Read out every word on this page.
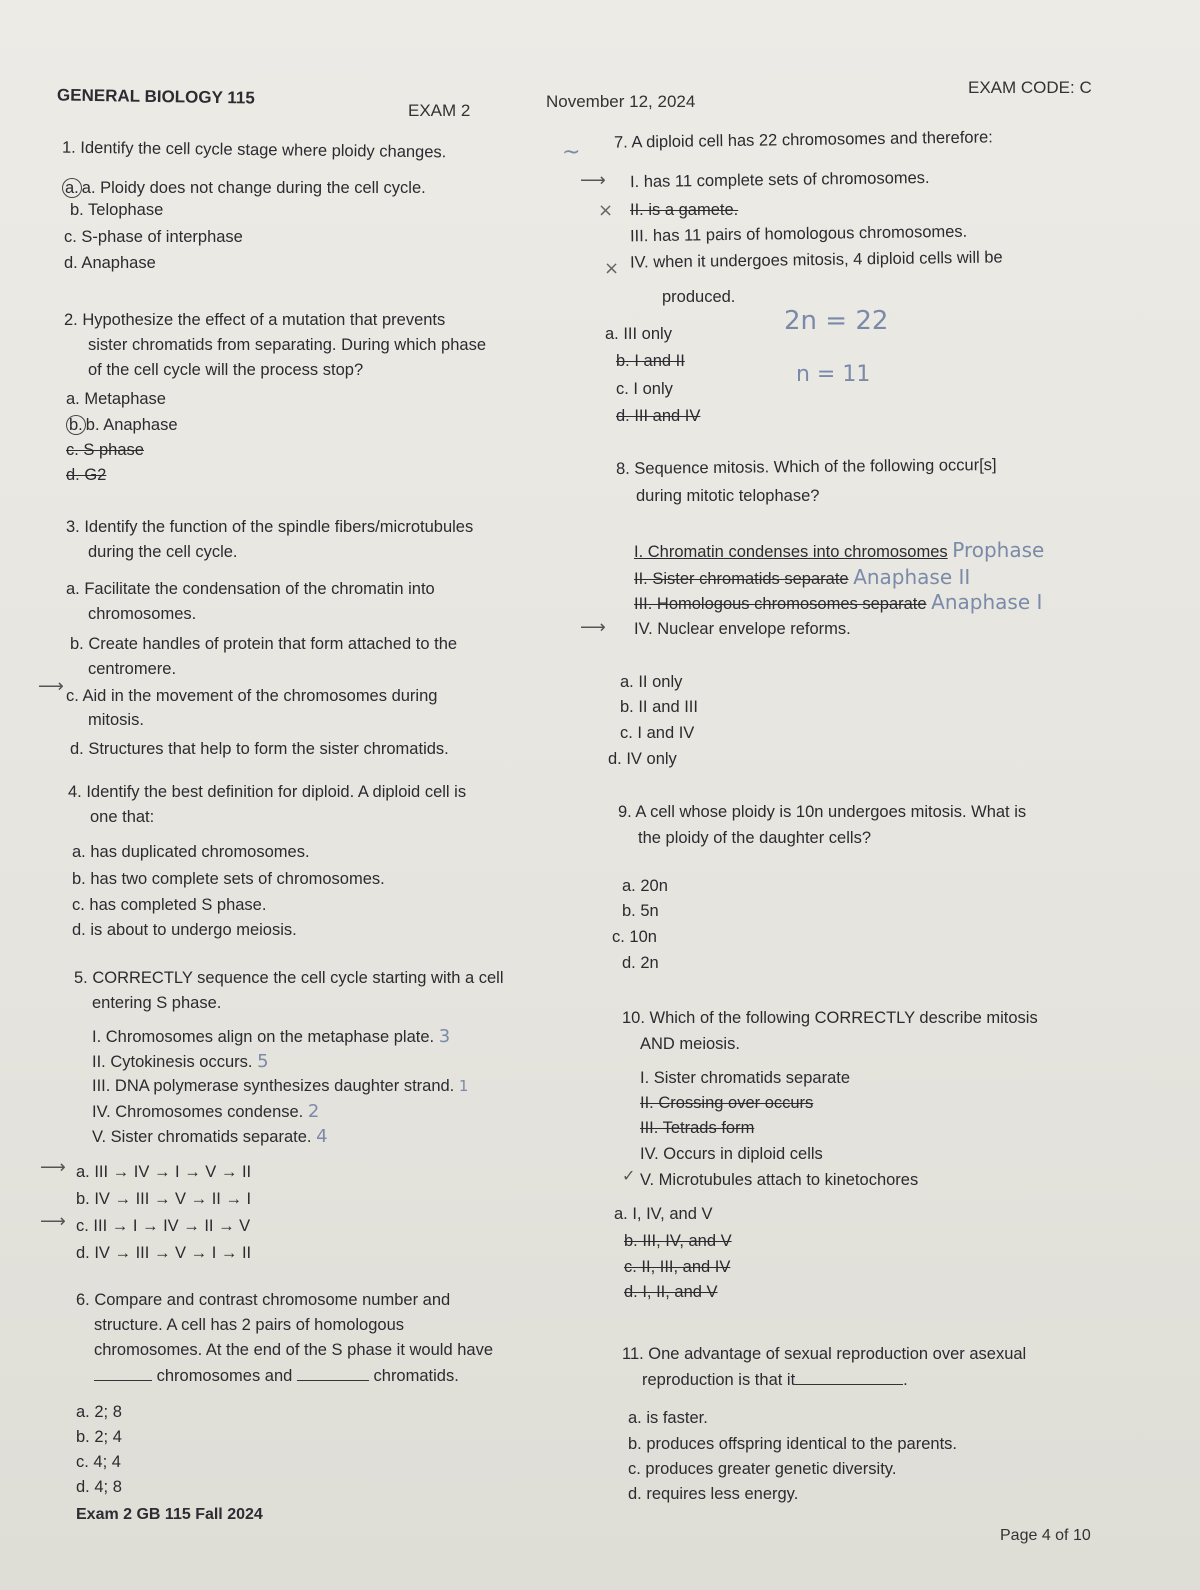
GENERAL BIOLOGY 115
EXAM 2	November 12, 2024
EXAM CODE: C
1. Identify the cell cycle stage where ploidy changes.	~
a. a. Ploidy does not change during the cell cycle.
b. Telophase
c. S-phase of interphase
d. Anaphase
2. Hypothesize the effect of a mutation that prevents
sister chromatids from separating. During which phase
of the cell cycle will the process stop?
a. Metaphase
b. b. Anaphase
c. S phase
d. G2
3. Identify the function of the spindle fibers/microtubules
during the cell cycle.
a. Facilitate the condensation of the chromatin into
chromosomes.
b. Create handles of protein that form attached to the
centromere.
⟶ c. Aid in the movement of the chromosomes during
mitosis.
d. Structures that help to form the sister chromatids.
4. Identify the best definition for diploid. A diploid cell is
one that:
a. has duplicated chromosomes.
b. has two complete sets of chromosomes.
c. has completed S phase.
d. is about to undergo meiosis.
5. CORRECTLY sequence the cell cycle starting with a cell
entering S phase.
I. Chromosomes align on the metaphase plate. 3
II. Cytokinesis occurs. 5
III. DNA polymerase synthesizes daughter strand. 1
IV. Chromosomes condense. 2
V. Sister chromatids separate. 4
⟶ a. III → IV → I → V → II
b. IV → III → V → II → I
⟶ c. III → I → IV → II → V
d. IV → III → V → I → II
6. Compare and contrast chromosome number and
structure. A cell has 2 pairs of homologous
chromosomes. At the end of the S phase it would have
chromosomes and	chromatids.
a. 2; 8
b. 2; 4
c. 4; 4
d. 4; 8
Exam 2 GB 115 Fall 2024
7. A diploid cell has 22 chromosomes and therefore:
⟶ I. has 11 complete sets of chromosomes.
× II. is a gamete.
III. has 11 pairs of homologous chromosomes.
× IV. when it undergoes mitosis, 4 diploid cells will be
produced.
a. III only
b. I and II
c. I only
d. III and IV
2n = 22
n = 11
8. Sequence mitosis. Which of the following occur[s]
during mitotic telophase?
I. Chromatin condenses into chromosomes Prophase
II. Sister chromatids separate Anaphase II
III. Homologous chromosomes separate Anaphase I
⟶ IV. Nuclear envelope reforms.
a. II only
b. II and III
c. I and IV
d. IV only
9. A cell whose ploidy is 10n undergoes mitosis. What is
the ploidy of the daughter cells?
a. 20n
b. 5n
c. 10n
d. 2n
10. Which of the following CORRECTLY describe mitosis
AND meiosis.
I. Sister chromatids separate
II. Crossing over occurs
III. Tetrads form
IV. Occurs in diploid cells
✓ V. Microtubules attach to kinetochores
a. I, IV, and V
b. III, IV, and V
c. II, III, and IV
d. I, II, and V
11. One advantage of sexual reproduction over asexual
reproduction is that it	.
a. is faster.
b. produces offspring identical to the parents.
c. produces greater genetic diversity.
d. requires less energy.
Page 4 of 10
